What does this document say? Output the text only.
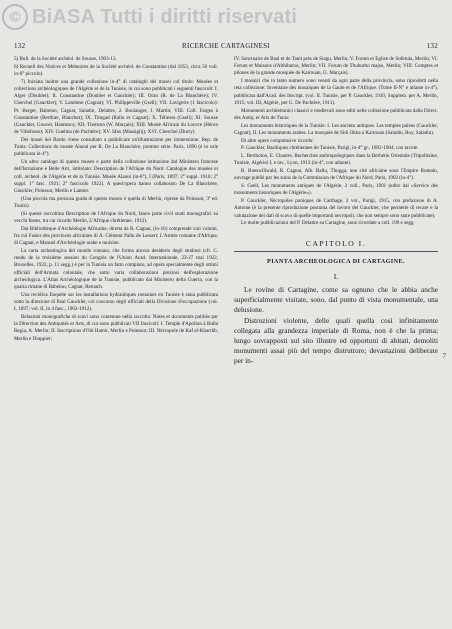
© BiASA Tutti i diritti riservati
132	RICERCHE CARTAGINESI	132

5) Bull. de la Société archéol. de Sousse, 1903-13.

6) Recueil des Notices et Mémoires de la Société archéol. de Constantine (dal 1853, circa 50 voll. in-8° piccolo).

7) Iniziata inoltre una grande collezione in-4° di cataloghi dei musei col titolo: Musées et collections archéologiques de l'Algérie et de la Tunisie, in cui sono pubblicati i seguenti fascicoli: I. Alger (Doublet); II. Constantine (Doublet et Gauckler); III. Oran (R. de La Blanchère); IV. Cherchel (Gauckler); V. Lambèse (Cagnat); VI. Philippeville (Gsell); VII. Lavigerie (1 fascicolo): Pr. Berger, Babelon, Cagnat, Saladin, Delattre, 2. Boulanger, J. Martin; VIII. Coll. Farges à Constantine (Berthier, Blanchet); IX. Timgad (Ballu et Cagnat); X. Tébessa (Gsell); XI. Sousse (Gauckler, Gouvet, Hannezo); XII. Tlemcen (W. Marçais); XIII. Musée Africain du Louvre (Héron de Villefosse); XIV. Guelma (de Pachtère); XV. Sfax (Massiglij); XVI. Cherchel (Durry).

Dei musei del Bardo viene consultato a pubblicare un'illustrazione per immersione: Rep. de Tunis. Collections du musée Alaoui per R. De La Blanchère, premier série. Paris, 1890 (è in sole pubblicata in-4°).

Un altro catalogo di questo museo e parte della collezione istituzione dal Ministero francese dell'Istruzione e Belle Arti, intitolato: Description de l'Afrique du Nord. Catalogue des musées et coll. archéol. de l'Algérie et de la Tunisie. Musée Alaoui (in-8°), I (Paris, 1897; 2° suppl. 1910; 2° suppl. 1° fasc. 1921; 2° fascicolo 1922). A quest'opera hanno collaborato De La Blanchère, Gauckler, Poinssot, Merlin e Lantier.

(Una piccola ma preziosa guida di questo museo è quella di Merlin, riprese da Poinssot, 3ª ed. Tunisi).

(Si queste raccoltina Description de l'Afrique du Nord, fanno parte civil studi monografici su vecchi festes, tra cui ricordo Merlin, L'Afrique chrétienne, 1912).

Dai Bibliothèque d'Archéologie Africaine, diretta da R. Cagnat, (in-16) comprende vari volumi, fra cui Fasies des provinces africaines di A. Clément Pallu de Lessert; L'Armée romaine d'Afrique, di Cagnat, e Manuel d'Archéologie arabe e tunisine.

La carta archeologica del mondo romano, che forma ancora desiderio degli studiosi (cfr. C. rendu de la troisième session du Congrès de l'Union Acad. Internationale, 23-27 mai 1922, Bruxelles, 1922, p. 11 segg.) è per la Tunisia un fatto compiuto, ad opera specialmente degli ottimi ufficiali dell'Armata coloniale, che sotto varia collaborazioni preziosi dell'esplorazione archeologica. L'Atlas Archéologique de la Tunisie, pubblicato dal Ministero della Guerra, con la quarta rimane di Babelon, Cagnat, Reinach.

Una recidiva Enquête sur les installations hydrauliques romaines en Tunisie è stata pubblicata sotto la direzione di Paul Gauckler, col concorso degli ufficiali della Divisione d'occupazione (vol. I, 1897; vol. II, in 4 fasc., 1902-1912).

Relazioni monografiche di scavi sono contenute nella raccolta: Notes et documents publiés par la Direction des Antiquités et Arts, di cui sono pubblicati VII fascicoli: I. Temple d'Apollon à Bulla Regia, A. Merlin; II. Inscriptions d'Oûi Hamir, Merlin e Poinssot; III. Nécropole de Kaf el-Kharrûb, Merlin e Drappier;

IV. Sanctuaire de Baal et de Tanit près de Siagu, Merlin; V. Forum et Eglise de Sufetula, Merlin; VI. Forum et Maisons d'Althiburos, Merlin; VII. Forum de Thuburbo majus, Merlin; VIII. Comptes et pilones de la grande mosquée de Kairouan, G. Marçais).

I mosaici che in tanto numero sono venuti da ogni parte della provincia, sono riprodotti nella reta collezione: Inventaire des mosaïques de la Gaule et de l'Afrique. (Tome II-N° e atlante in-4°), pubblicata dall'Acad. des Inscript. (vol. II. Tunisie, per P. Gauckler, 1910, Supplem. per A. Merlin, 1915; vol. III, Algérie, per G. De Pachtère, 1911).

Monumenti architettonici classici e medievali sono editi nelle collezione pubblicata dalla Direct. des Antiq. et Arts de Tunis:

Les monuments historiques de la Tunisie: I. Les anciens antiques. Les temples païens (Gauckler, Cagnat); II. Les monuments arabes. La mosquée de Sidi Okba à Kairouan (Saladin, Roy, Saladin).

Di altre opere comprensive ricordo:

P. Gauckler, Basiliques chrétiennes de Tunisie, Parigi, in-4° gr., 1892-1904, con tavole.

L. Bertholon, E. Chantre, Recherches anthropologiques dans la Berbérie Orientale (Tripolitaine, Tunisie, Algérie) I, e tav., Lyon, 1913 (in-4°, con atlante).

R. Boeswillwald, R. Cagnat, Alb. Ballu, Thugga, une cité africaine sous l'Empire Romain, ouvrage publié par les soins de la Commission de l'Afrique du Nord, Paris, 1902 (in-4°).

S. Gsell, Les monuments antiques de l'Algérie, 2 voll., Paris, 1901 (edito dal «Service des monuments historiques de l'Algérie»).

P. Gauckler, Nécropoles puniques de Carthage, 2 vol., Parigi, 1915, con prefazione di A. Antoine (è la presente riproduzione postuma del lavoro del Gauckler, che permette di recare e la valutazione dei dati di scavo di quelle importanti necropoli, che non sempre sono state pubblicate).

Le molte pubblicazioni del P. Delattre su Cartagine, sono ricordate a coll. 199 e segg.

CAPITOLO I.
PIANTA ARCHEOLOGICA DI CARTAGINE.
I.

Le rovine di Cartagine, come sa ognuno che le abbia anche superficialmente visitate, sono, dal punto di vista monumentale, una delusione.

Distruzioni violente, delle quali quella così infinitamente collegata alla grandezza imperiale di Roma, non è che la prima; lungo sovrapposti sul sito illustre ed opportuni di abitati, demoliti monumenti assai più del tempo distruttore; devastazioni deliberate per in-	7
